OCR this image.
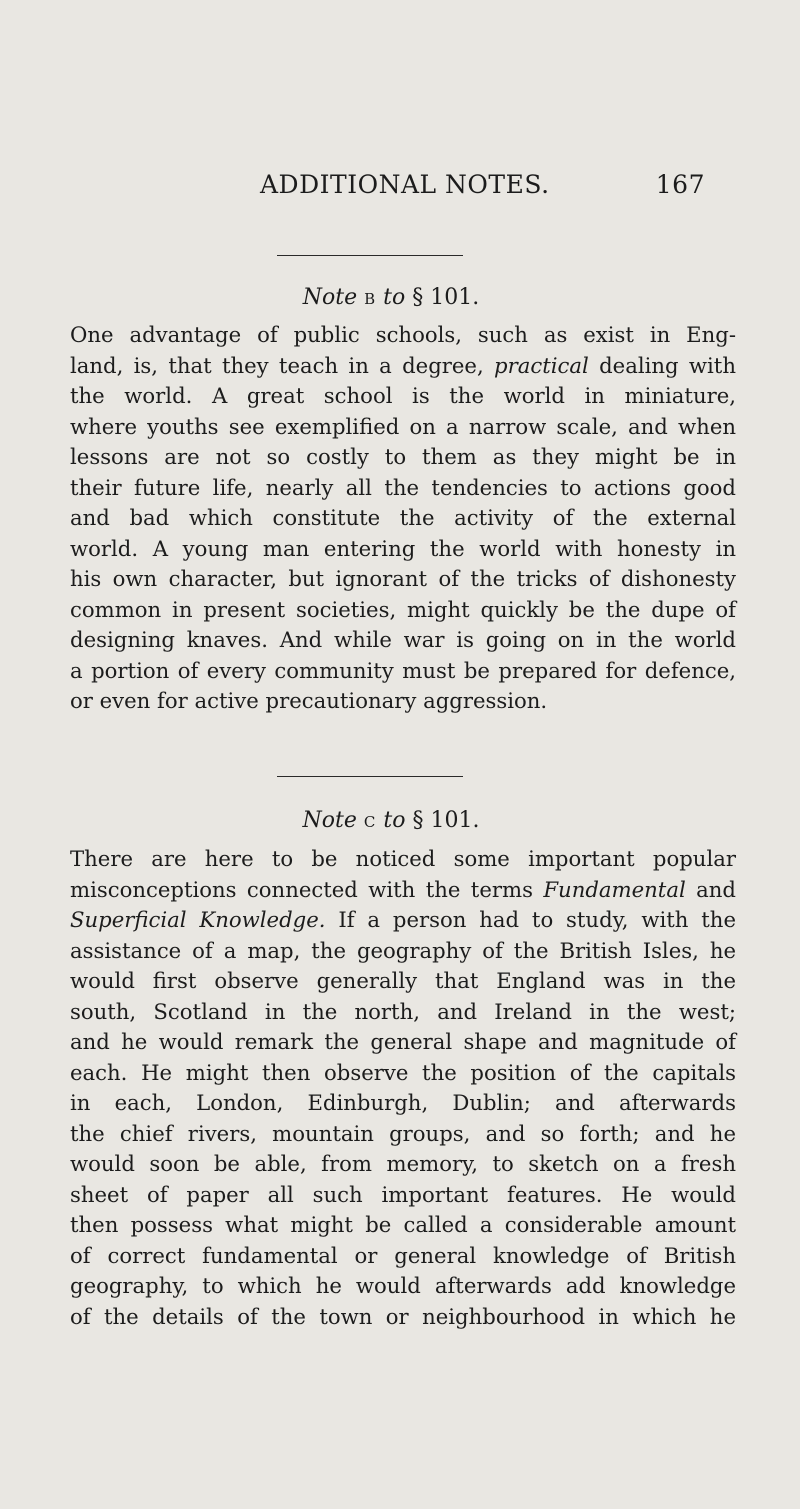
ADDITIONAL NOTES.	167
Note B to § 101.
One advantage of public schools, such as exist in Eng-
land, is, that they teach in a degree, practical dealing with
the world. A great school is the world in miniature,
where youths see exemplified on a narrow scale, and when
lessons are not so costly to them as they might be in
their future life, nearly all the tendencies to actions good
and bad which constitute the activity of the external
world. A young man entering the world with honesty in
his own character, but ignorant of the tricks of dishonesty
common in present societies, might quickly be the dupe of
designing knaves. And while war is going on in the world
a portion of every community must be prepared for defence,
or even for active precautionary aggression.
Note C to § 101.
There are here to be noticed some important popular
misconceptions connected with the terms Fundamental and
Superficial Knowledge. If a person had to study, with the
assistance of a map, the geography of the British Isles, he
would first observe generally that England was in the
south, Scotland in the north, and Ireland in the west;
and he would remark the general shape and magnitude of
each. He might then observe the position of the capitals
in each, London, Edinburgh, Dublin; and afterwards
the chief rivers, mountain groups, and so forth; and he
would soon be able, from memory, to sketch on a fresh
sheet of paper all such important features. He would
then possess what might be called a considerable amount
of correct fundamental or general knowledge of British
geography, to which he would afterwards add knowledge
of the details of the town or neighbourhood in which he
